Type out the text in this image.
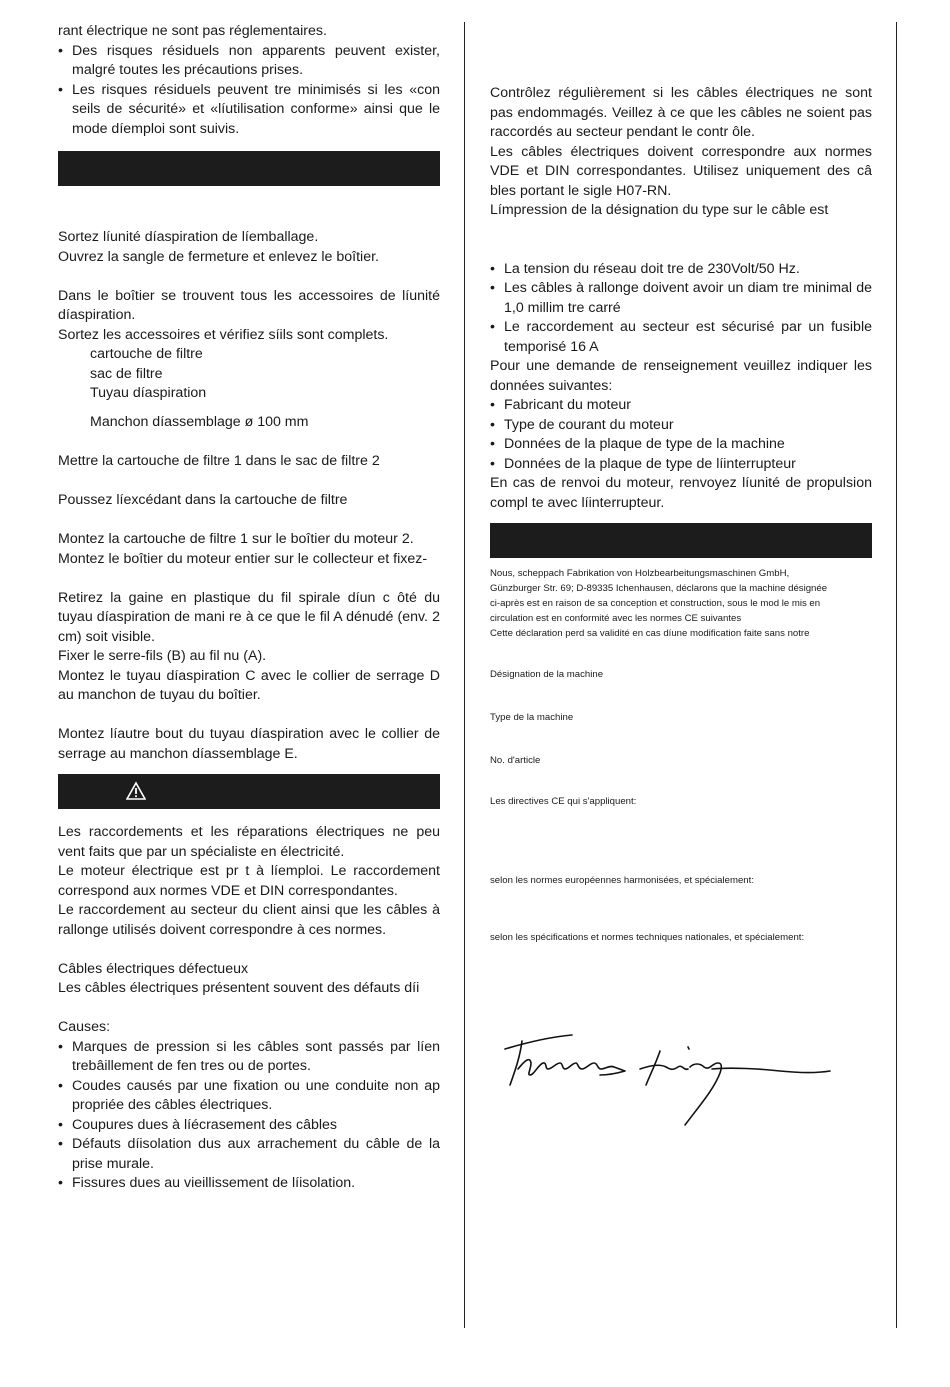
rant électrique ne sont pas réglementaires.

• Des risques résiduels non apparents peuvent exister, malgré toutes les précautions prises.

• Les risques résiduels peuvent tre minimisés si les «con seils de sécurité» et «líutilisation conforme» ainsi que le mode díemploi sont suivis.

Sortez líunité díaspiration de líemballage.

Ouvrez la sangle de fermeture et enlevez le boîtier.

Dans le boîtier se trouvent tous les accessoires de líunité díaspiration.

Sortez les accessoires et vérifiez síils sont complets.

cartouche de filtre

sac de filtre

Tuyau díaspiration

Manchon díassemblage ø 100 mm

Mettre la cartouche de filtre 1 dans le sac de filtre 2

Poussez líexcédant dans la cartouche de filtre

Montez la cartouche de filtre 1 sur le boîtier du moteur 2.

Montez le boîtier du moteur entier sur le collecteur et fixez-

Retirez la gaine en plastique du fil spirale díun c ôté du tuyau díaspiration de mani re à ce que le fil A dénudé (env. 2 cm) soit visible.

Fixer le serre-fils (B) au fil nu (A).

Montez le tuyau díaspiration C avec le collier de serrage D au manchon de tuyau du boîtier.

Montez líautre bout du tuyau díaspiration avec le collier de serrage au manchon díassemblage E.

Les raccordements et les réparations électriques ne peu vent faits que par un spécialiste en électricité.

Le moteur électrique est pr t à líemploi. Le raccordement correspond aux normes VDE et DIN correspondantes.

Le raccordement au secteur du client ainsi que les câbles à rallonge utilisés doivent correspondre à ces normes.

Câbles électriques défectueux

Les câbles électriques présentent souvent des défauts díi

Causes:

• Marques de pression si les câbles sont passés par líen trebâillement de fen tres ou de portes.

• Coudes causés par une fixation ou une conduite non ap propriée des câbles électriques.

• Coupures dues à líécrasement des câbles

• Défauts díisolation dus aux arrachement du câble de la prise murale.

• Fissures dues au vieillissement de líisolation.

Contrôlez régulièrement si les câbles électriques ne sont pas endommagés. Veillez à ce que les câbles ne soient pas raccordés au secteur pendant le contr ôle.

Les câbles électriques doivent correspondre aux normes VDE et DIN correspondantes. Utilisez uniquement des câ bles portant le sigle H07-RN.

Límpression de la désignation du type sur le câble est

• La tension du réseau doit tre de 230Volt/50 Hz.

• Les câbles à rallonge doivent avoir un diam tre minimal de 1,0 millim tre carré

• Le raccordement au secteur est sécurisé par un fusible temporisé 16 A

Pour une demande de renseignement veuillez indiquer les données suivantes:

• Fabricant du moteur

• Type de courant du moteur

• Données de la plaque de type de la machine

• Données de la plaque de type de líinterrupteur

En cas de renvoi du moteur, renvoyez líunité de propulsion compl te avec líinterrupteur.

Nous, scheppach Fabrikation von Holzbearbeitungsmaschinen GmbH,

Günzburger Str. 69; D-89335 Ichenhausen, déclarons que la machine désignée

ci-après est en raison de sa conception et construction, sous le mod le mis en

circulation est en conformité avec les normes CE suivantes

Cette déclaration perd sa validité en cas díune modification faite sans notre

Désignation de la machine

Type de la machine

No. d'article

Les directives CE qui s'appliquent:

selon les normes européennes harmonisées, et spécialement:

selon les spécifications et normes techniques nationales, et spécialement:
